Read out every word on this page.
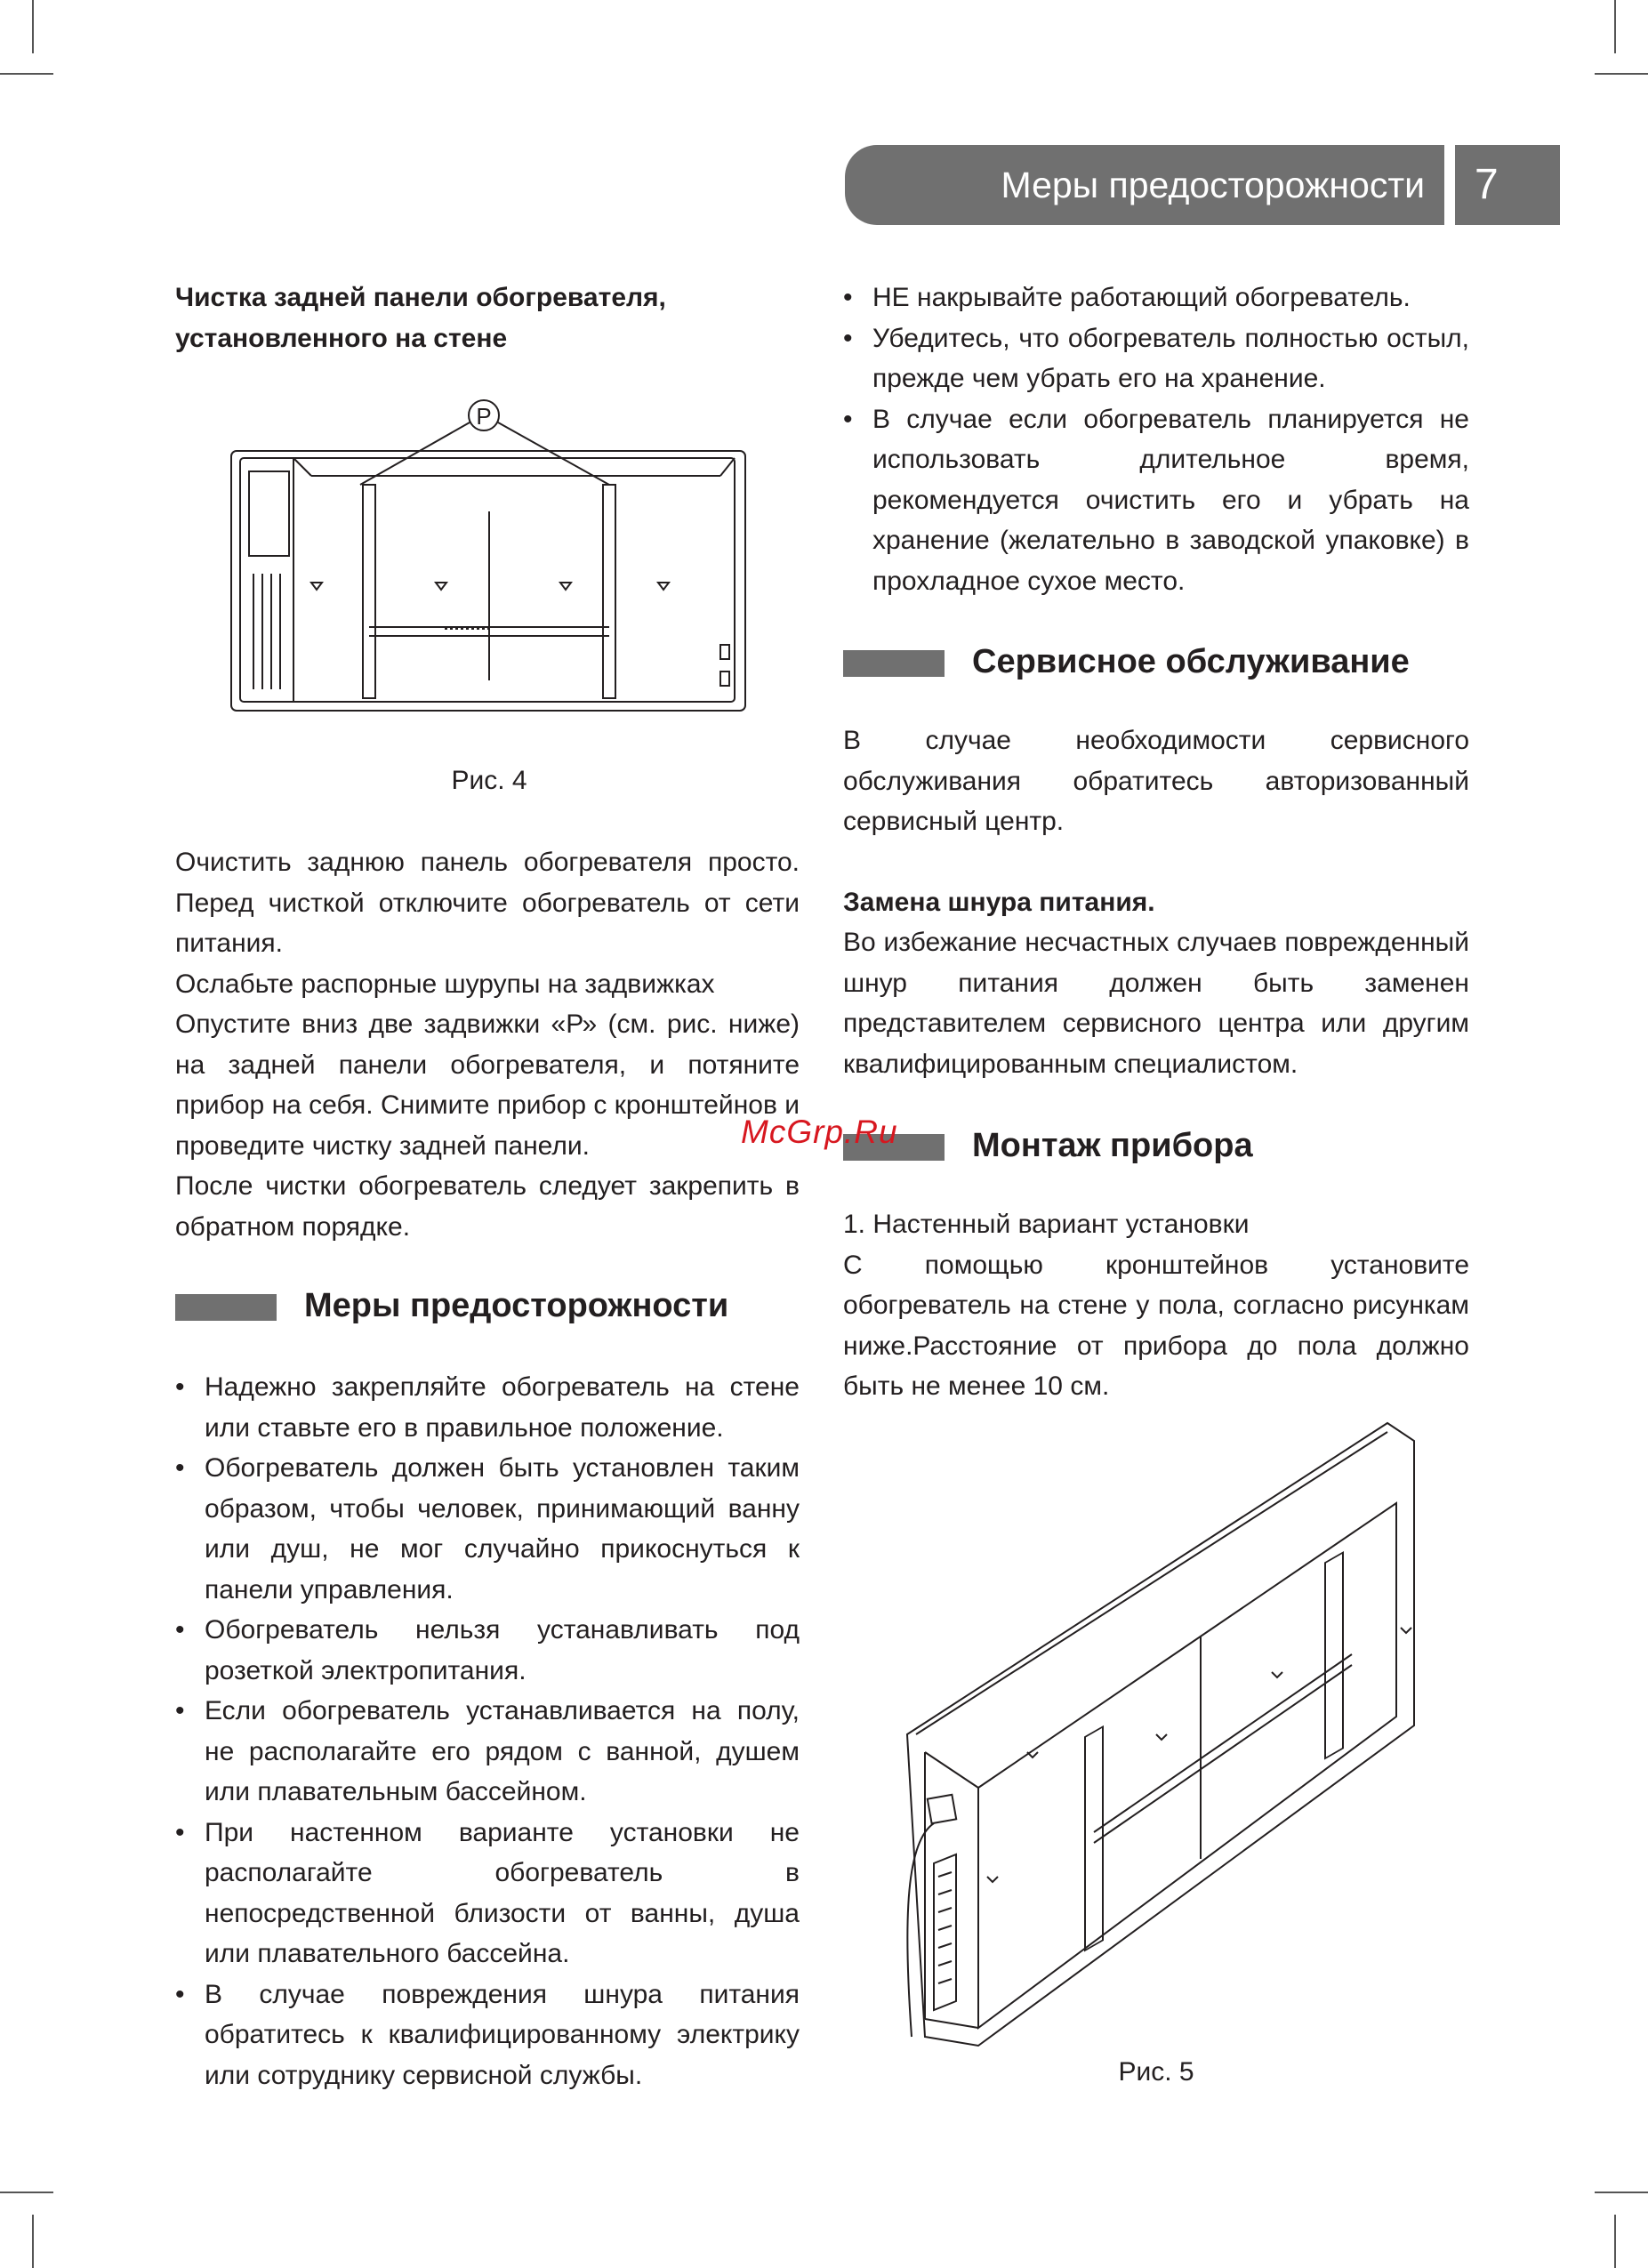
Меры предосторожности	7
Чистка задней панели обогревателя,
установленного на стене
P
Рис. 4

Очистить заднюю панель обогревателя просто. Перед чисткой отключите обогреватель от сети питания.

Ослабьте распорные шурупы на задвижках

Опустите вниз две задвижки «Р» (см. рис. ниже) на задней панели обогревателя, и потяните прибор на себя. Снимите прибор с кронштейнов и проведите чистку задней панели.

После чистки обогреватель следует закрепить в обратном порядке.

Меры предосторожности
• Надежно закрепляйте обогреватель на стене или ставьте его в правильное положение.
• Обогреватель должен быть установлен таким образом, чтобы человек, принимающий ванну или душ, не мог случайно прикоснуться к панели управления.
• Обогреватель нельзя устанавливать под розеткой электропитания.
• Если обогреватель устанавливается на полу, не располагайте его рядом с ванной, душем или плавательным бассейном.
• При настенном варианте установки не располагайте обогреватель в непосредственной близости от ванны, душа или плавательного бассейна.
• В случае повреждения шнура питания обратитесь к квалифицированному электрику или сотруднику сервисной службы.
• НЕ накрывайте работающий обогреватель.
• Убедитесь, что обогреватель полностью остыл, прежде чем убрать его на хранение.
• В случае если обогреватель планируется не использовать длительное время, рекомендуется очистить его и убрать на хранение (желательно в заводской упаковке) в прохладное сухое место.
Сервисное обслуживание

В случае необходимости сервисного обслуживания обратитесь авторизованный сервисный центр.

Замена шнура питания.

Во избежание несчастных случаев поврежденный шнур питания должен быть заменен представителем сервисного центра или другим квалифицированным специалистом.

Монтаж прибора

1. Настенный вариант установки

С помощью кронштейнов установите обогреватель на стене у пола, согласно рисункам ниже.Расстояние от прибора до пола должно быть не менее 10 см.

Рис. 5
McGrp.Ru
